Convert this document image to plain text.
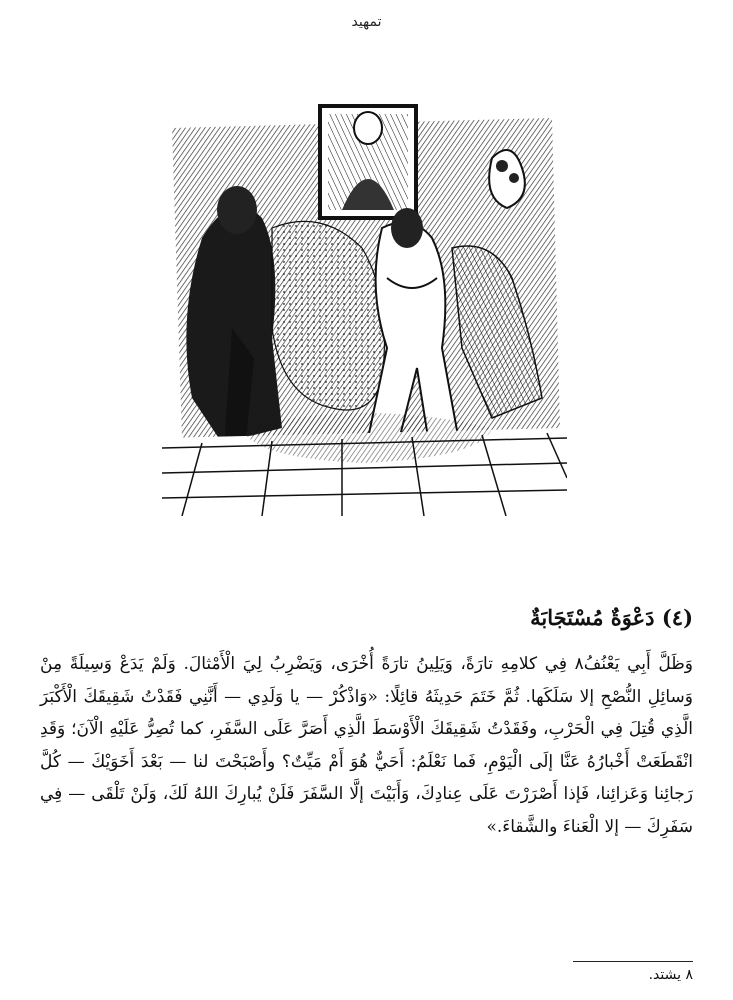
تمهيد
(٤) دَعْوَةٌ مُسْتَجَابَةٌ
وَظَلَّ أَبِي يَعْنُفُ٨ فِي كلامِهِ تارَةً، وَيَلِينُ تارَةً أُخْرَى، وَيَضْرِبُ لِيَ الْأَمْثالَ. وَلَمْ يَدَعْ وَسِيلَةً مِنْ وَسائِلِ النُّصْحِ إلا سَلَكَها. ثُمَّ خَتَمَ حَدِيثَهُ قائِلًا: «وَاذْكُرْ — يا وَلَدِي — أَنَّنِي فَقَدْتُ شَقِيقَكَ الْأَكْبَرَ الَّذِي قُتِلَ فِي الْحَرْبِ، وفَقَدْتُ شَقِيقَكَ الْأَوْسَطَ الَّذِي أَصَرَّ عَلَى السَّفَرِ، كما تُصِرُّ عَلَيْهِ الْآنَ؛ وَقَدِ انْقَطَعَتْ أَخْبارُهُ عَنَّا إلَى الْيَوْمِ، فَما نَعْلَمُ: أَحَيٌّ هُوَ أَمْ مَيِّتٌ؟ وأَصْبَحْتَ لنا — بَعْدَ أَخَوَيْكَ — كُلَّ رَجائِنا وَعَزائِنا، فَإذا أَصْرَرْتَ عَلَى عِنادِكَ، وَأَبَيْتَ إلَّا السَّفَرَ فَلَنْ يُبارِكَ اللهُ لَكَ، وَلَنْ تَلْقَى — فِي سَفَرِكَ — إلا الْعَناءَ والشَّقاءَ.»
٨ يشتد.
